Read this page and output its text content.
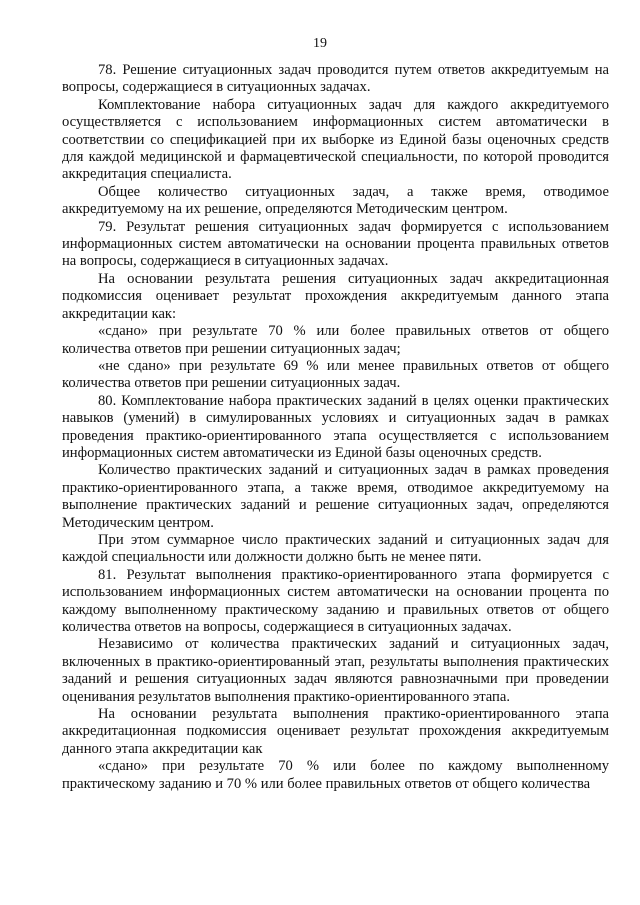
19

78. Решение ситуационных задач проводится путем ответов аккредитуемым на вопросы, содержащиеся в ситуационных задачах.

Комплектование набора ситуационных задач для каждого аккредитуемого осуществляется с использованием информационных систем автоматически в соответствии со спецификацией при их выборке из Единой базы оценочных средств для каждой медицинской и фармацевтической специальности, по которой проводится аккредитация специалиста.

Общее количество ситуационных задач, а также время, отводимое аккредитуемому на их решение, определяются Методическим центром.

79. Результат решения ситуационных задач формируется с использованием информационных систем автоматически на основании процента правильных ответов на вопросы, содержащиеся в ситуационных задачах.

На основании результата решения ситуационных задач аккредитационная подкомиссия оценивает результат прохождения аккредитуемым данного этапа аккредитации как:

«сдано» при результате 70 % или более правильных ответов от общего количества ответов при решении ситуационных задач;

«не сдано» при результате 69 % или менее правильных ответов от общего количества ответов при решении ситуационных задач.

80. Комплектование набора практических заданий в целях оценки практических навыков (умений) в симулированных условиях и ситуационных задач в рамках проведения практико-ориентированного этапа осуществляется с использованием информационных систем автоматически из Единой базы оценочных средств.

Количество практических заданий и ситуационных задач в рамках проведения практико-ориентированного этапа, а также время, отводимое аккредитуемому на выполнение практических заданий и решение ситуационных задач, определяются Методическим центром.

При этом суммарное число практических заданий и ситуационных задач для каждой специальности или должности должно быть не менее пяти.

81. Результат выполнения практико-ориентированного этапа формируется с использованием информационных систем автоматически на основании процента по каждому выполненному практическому заданию и правильных ответов от общего количества ответов на вопросы, содержащиеся в ситуационных задачах.

Независимо от количества практических заданий и ситуационных задач, включенных в практико-ориентированный этап, результаты выполнения практических заданий и решения ситуационных задач являются равнозначными при проведении оценивания результатов выполнения практико-ориентированного этапа.

На основании результата выполнения практико-ориентированного этапа аккредитационная подкомиссия оценивает результат прохождения аккредитуемым данного этапа аккредитации как

«сдано» при результате 70 % или более по каждому выполненному практическому заданию и 70 % или более правильных ответов от общего количества
